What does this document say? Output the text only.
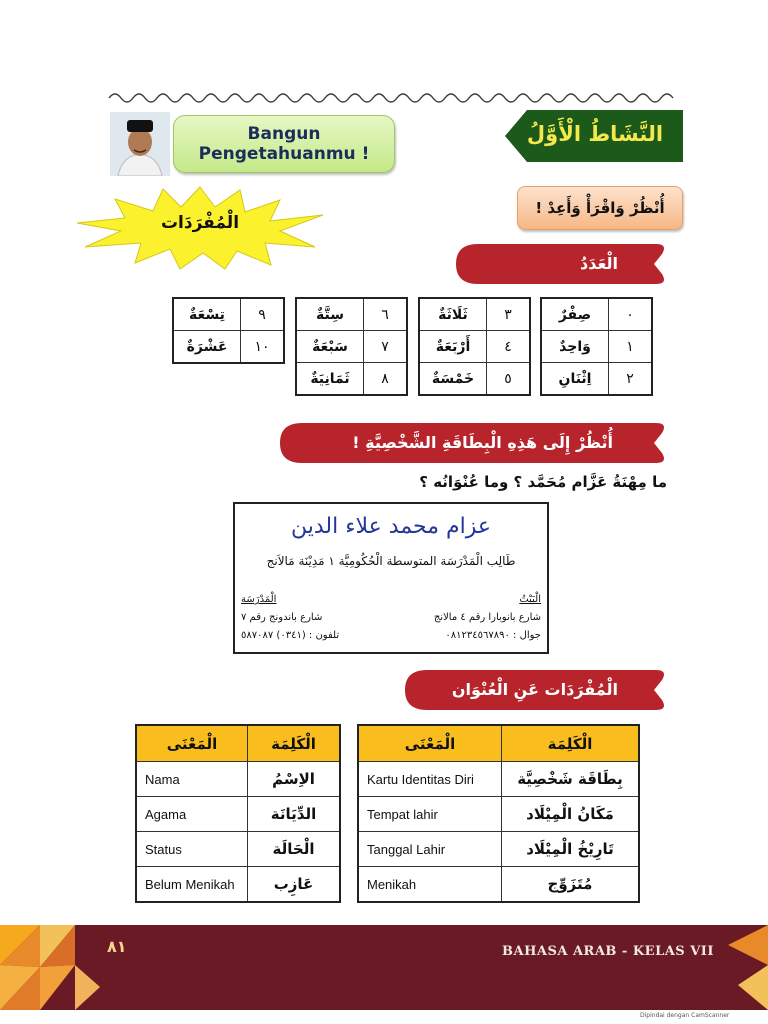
Bangun
Pengetahuanmu !
النَّشَاطُ الْأَوَّلُ
الْمُفْرَدَات
أُنْظُرْ وَاقْرَأْ وَأَعِدْ !
الْعَدَدُ
٠	صِفْرٌ
١	وَاحِدٌ
٢	اِثْنَانِ
٣	ثَلَاثَةٌ
٤	أَرْبَعَةٌ
٥	خَمْسَةٌ
٦	سِتَّةٌ
٧	سَبْعَةٌ
٨	ثَمَانِيَةٌ
٩	تِسْعَةٌ
١٠	عَشْرَةٌ
أُنْظُرْ إِلَى هَذِهِ الْبِطَاقَةِ الشَّخْصِيَّةِ !
ما مِهْنَةُ عَزَّام مُحَمَّد ؟ وما عُنْوَانُه ؟
عزام محمد علاء الدين
طَالِب الْمَدْرَسَة المتوسطة الْحُكُومِيَّة ١ مَدِيْنَة مَالاَنج
الْبَيْتُ
شارع بانوبارا رقم ٤ مالانج
جوال : ٠٨١٢٣٤٥٦٧٨٩٠
الْمَدْرَسَة
شارع باندونج رقم ٧
تلفون : (٠٣٤١) ٥٨٧٠٨٧
الْمُفْرَدَات عَنِ الْعُنْوَان
الْمَعْنَى	الْكَلِمَة
Kartu Identitas Diri	بِطَاقَة شَخْصِيَّة
Tempat lahir	مَكَانُ الْمِيْلَاد
Tanggal Lahir	تَارِيْخُ الْمِيْلَاد
Menikah	مُتَزَوِّج
الْمَعْنَى	الْكَلِمَة
Nama	الاِسْمُ
Agama	الدِّيَانَة
Status	الْحَالَة
Belum Menikah	عَازِب
٨١	BAHASA ARAB - KELAS VII
Dipindai dengan CamScanner
